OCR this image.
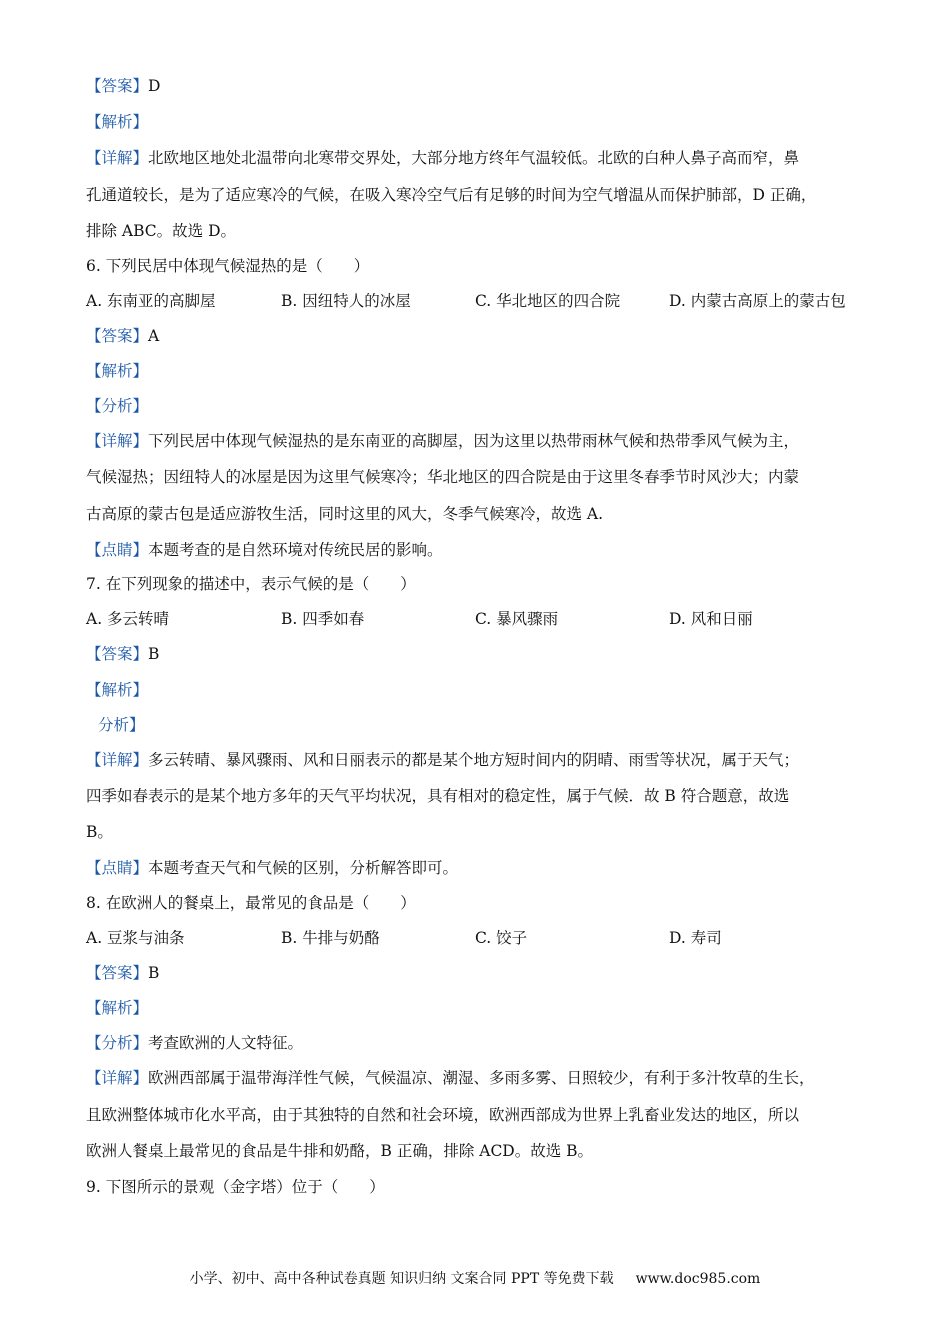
【答案】D
【解析】
【详解】北欧地区地处北温带向北寒带交界处，大部分地方终年气温较低。北欧的白种人鼻子高而窄，鼻
孔通道较长，是为了适应寒冷的气候，在吸入寒冷空气后有足够的时间为空气增温从而保护肺部，D 正确，
排除 ABC。故选 D。
6. 下列民居中体现气候湿热的是（　　）
A. 东南亚的高脚屋	B. 因纽特人的冰屋	C. 华北地区的四合院	D. 内蒙古高原上的蒙古包
【答案】A
【解析】
【分析】
【详解】下列民居中体现气候湿热的是东南亚的高脚屋，因为这里以热带雨林气候和热带季风气候为主，
气候湿热；因纽特人的冰屋是因为这里气候寒冷；华北地区的四合院是由于这里冬春季节时风沙大；内蒙
古高原的蒙古包是适应游牧生活，同时这里的风大，冬季气候寒冷，故选 A.
【点睛】本题考查的是自然环境对传统民居的影响。
7. 在下列现象的描述中，表示气候的是（　　）
A. 多云转晴	B. 四季如春	C. 暴风骤雨	D. 风和日丽
【答案】B
【解析】
分析】
【详解】多云转晴、暴风骤雨、风和日丽表示的都是某个地方短时间内的阴晴、雨雪等状况，属于天气；
四季如春表示的是某个地方多年的天气平均状况，具有相对的稳定性，属于气候．故 B 符合题意，故选
B。
【点睛】本题考查天气和气候的区别，分析解答即可。
8. 在欧洲人的餐桌上，最常见的食品是（　　）
A. 豆浆与油条	B. 牛排与奶酪	C. 饺子	D. 寿司
【答案】B
【解析】
【分析】考查欧洲的人文特征。
【详解】欧洲西部属于温带海洋性气候，气候温凉、潮湿、多雨多雾、日照较少，有利于多汁牧草的生长，
且欧洲整体城市化水平高，由于其独特的自然和社会环境，欧洲西部成为世界上乳畜业发达的地区，所以
欧洲人餐桌上最常见的食品是牛排和奶酪，B 正确，排除 ACD。故选 B。
9. 下图所示的景观（金字塔）位于（　　）
小学、初中、高中各种试卷真题 知识归纳 文案合同 PPT 等免费下载 www.doc985.com
